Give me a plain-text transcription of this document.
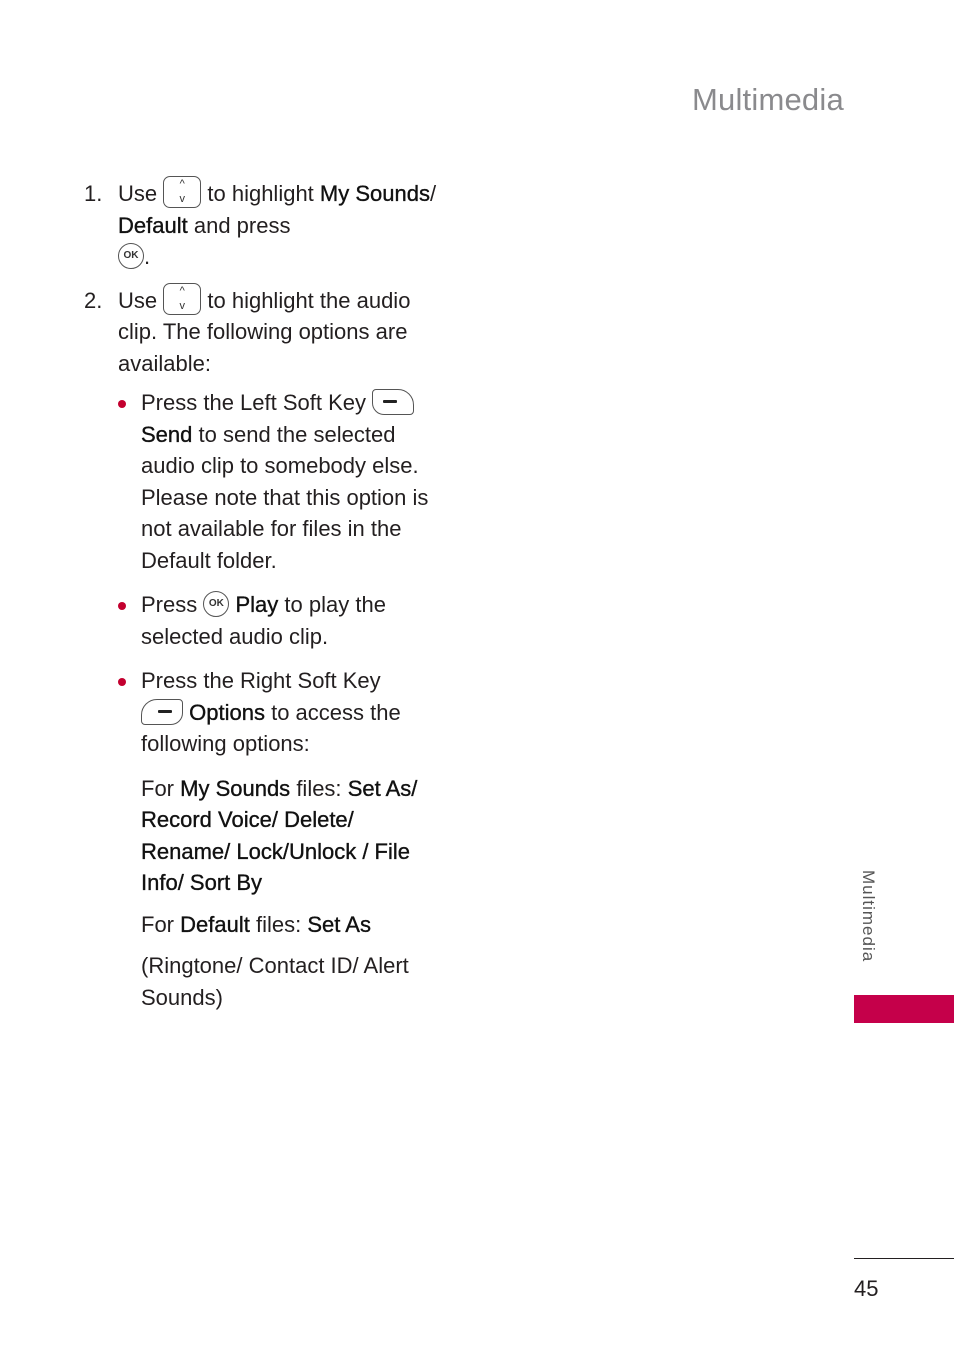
Multimedia
1. Use	^
v	to highlight My Sounds/ Default and press
OK .
2. Use	^
v	to highlight the audio clip. The following options are available:
Press the Left Soft Key
Send to send the selected audio clip to somebody else. Please note that this option is not available for files in the Default folder.
Press OK Play to play the selected audio clip.
Press the Right Soft Key

Options to access the following options:
For My Sounds files: Set As/ Record Voice/ Delete/ Rename/ Lock/Unlock / File Info/ Sort By
For Default files: Set As
(Ringtone/ Contact ID/ Alert Sounds)
Multimedia
45
